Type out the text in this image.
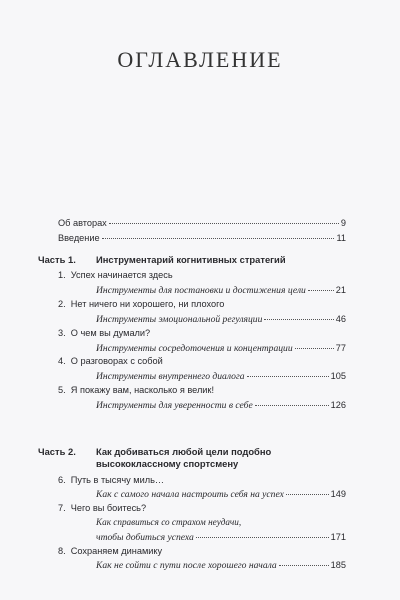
ОГЛАВЛЕНИЕ
Об авторах	9
Введение	11
Часть 1. Инструментарий когнитивных стратегий
1. Успех начинается здесь
Инструменты для постановки и достижения цели	21
2. Нет ничего ни хорошего, ни плохого
Инструменты эмоциональной регуляции	46
3. О чем вы думали?
Инструменты сосредоточения и концентрации	77
4. О разговорах с собой
Инструменты внутреннего диалога	105
5. Я покажу вам, насколько я велик!
Инструменты для уверенности в себе	126
Часть 2. Как добиваться любой цели подобно
высококлассному спортсмену
6. Путь в тысячу миль…
Как с самого начала настроить себя на успех	149
7. Чего вы боитесь?
Как справиться со страхом неудачи,
чтобы добиться успеха	171
8. Сохраняем динамику
Как не сойти с пути после хорошего начала	185
